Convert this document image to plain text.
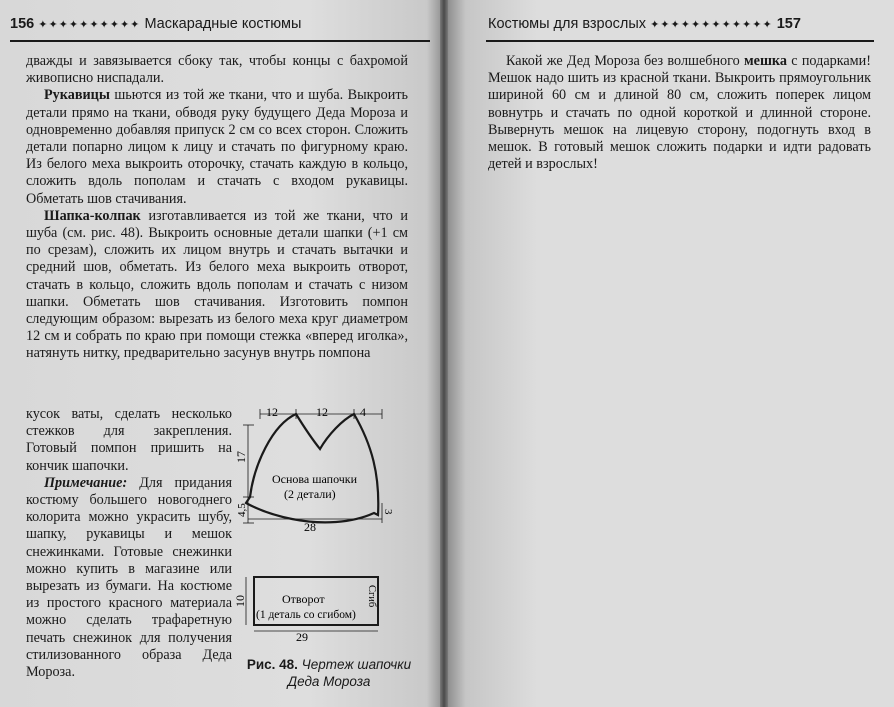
156 ✦✦✦✦✦✦✦✦✦✦ Маскарадные костюмы

дважды и завязывается сбоку так, чтобы концы с бахромой живописно ниспадали.

Рукавицы шьются из той же ткани, что и шуба. Выкроить детали прямо на ткани, обводя руку будущего Деда Мороза и одновременно добавляя припуск 2 см со всех сторон. Сложить детали попарно лицом к лицу и стачать по фигурному краю. Из белого меха выкроить оторочку, стачать каждую в кольцо, сложить вдоль пополам и стачать с входом рукавицы. Обметать шов стачивания.

Шапка-колпак изготавливается из той же ткани, что и шуба (см. рис. 48). Выкроить основные детали шапки (+1 см по срезам), сложить их лицом внутрь и стачать вытачки и средний шов, обметать. Из белого меха выкроить отворот, стачать в кольцо, сложить вдоль пополам и стачать с низом шапки. Обметать шов стачивания. Изготовить помпон следующим образом: вырезать из белого меха круг диаметром 12 см и собрать по краю при помощи стежка «вперед иголка», натянуть нитку, предварительно засунув внутрь помпона

кусок ваты, сделать несколько стежков для закрепления. Готовый помпон пришить на кончик шапочки.

Примечание: Для придания костюму большего новогоднего колорита можно украсить шубу, шапку, рукавицы и мешок снежинками. Готовые снежинки можно купить в магазине или вырезать из бумаги. На костюме из простого красного материала можно сделать трафаретную печать снежинок для получения стилизованного образа Деда Мороза.

12	12	4
17
4,5	3
28
Основа шапочки
(2 детали)
10	Отворот
(1 деталь со сгибом)
Сгиб
29
Рис. 48. Чертеж шапочки Деда Мороза
Костюмы для взрослых ✦✦✦✦✦✦✦✦✦✦✦✦ 157

Какой же Дед Мороза без волшебного мешка с подарками! Мешок надо шить из красной ткани. Выкроить прямоугольник шириной 60 см и длиной 80 см, сложить поперек лицом вовнутрь и стачать по одной короткой и длинной стороне. Вывернуть мешок на лицевую сторону, подогнуть вход в мешок. В готовый мешок сложить подарки и идти радовать детей и взрослых!
